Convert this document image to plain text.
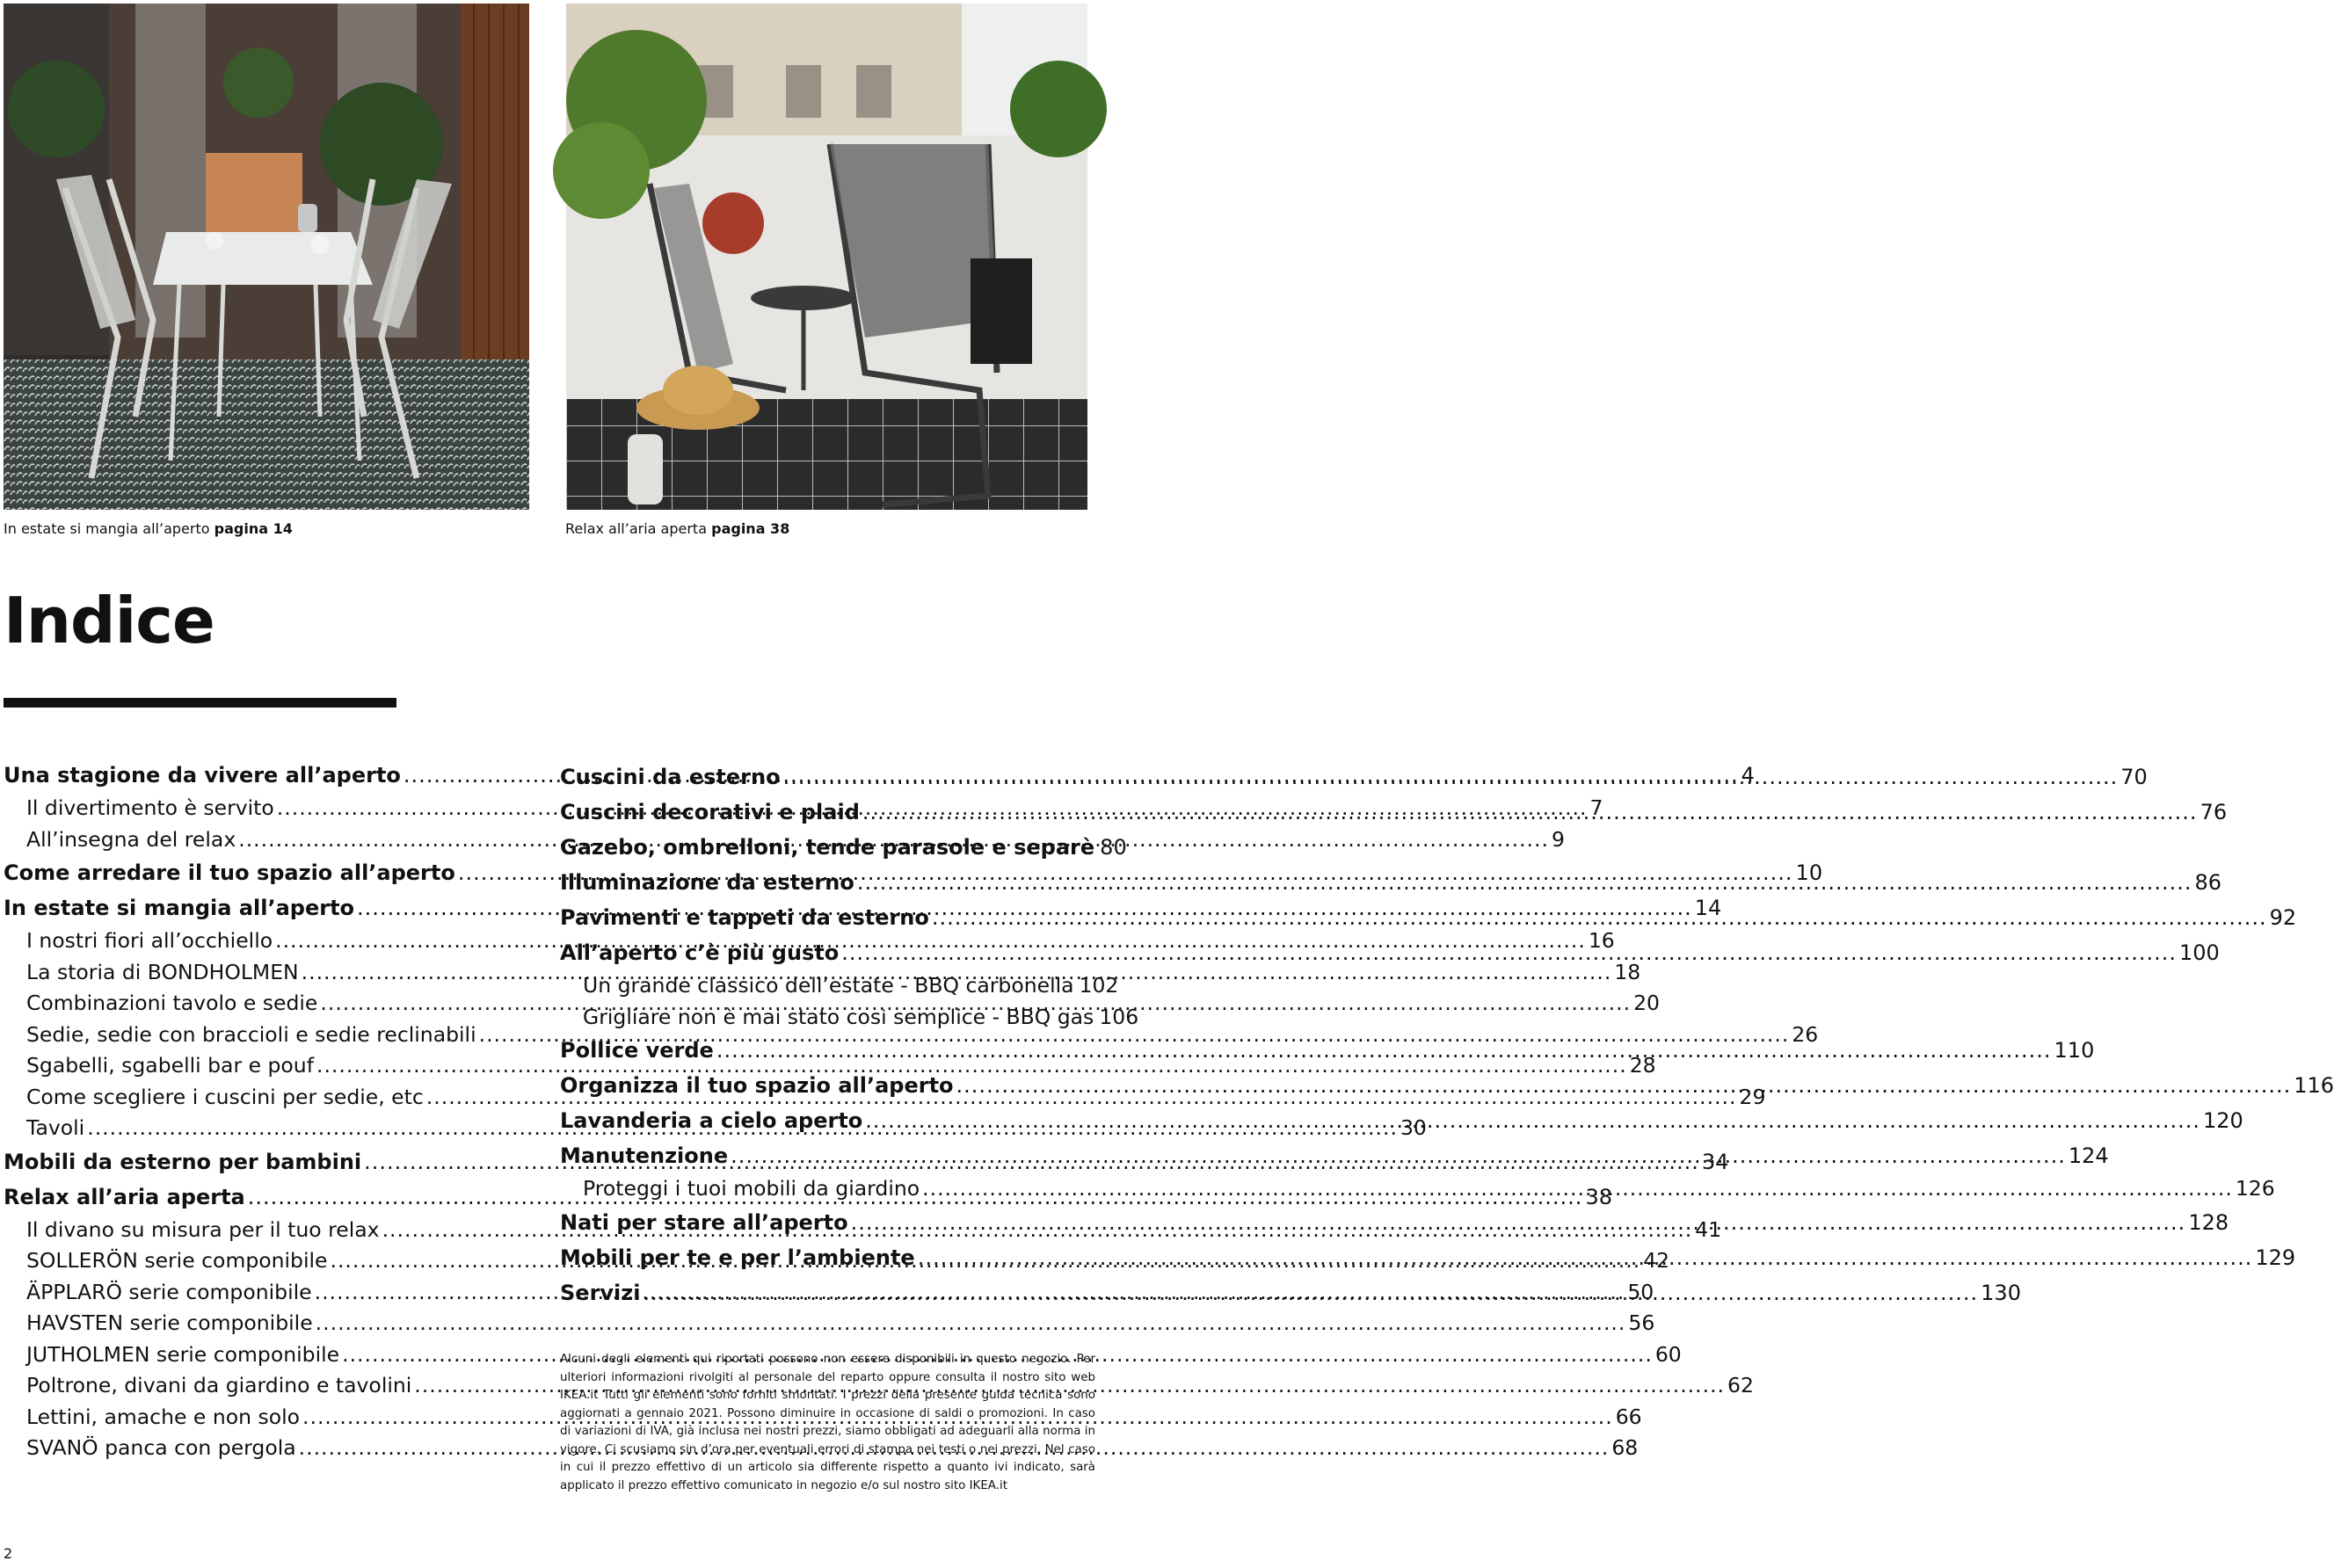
In estate si mangia all’aperto pagina 14	Relax all’aria aperta pagina 38
Indice
Una stagione da vivere all’aperto .....	4
Il divertimento è servito .....	7
All’insegna del relax .....	9
Come arredare il tuo spazio all’aperto .....	10
In estate si mangia all’aperto .....	14
I nostri fiori all’occhiello .....	16
La storia di BONDHOLMEN .....	18
Combinazioni tavolo e sedie .....	20
Sedie, sedie con braccioli e sedie reclinabili .....	26
Sgabelli, sgabelli bar e pouf .....	28
Come scegliere i cuscini per sedie, etc .....	29
Tavoli .....	30
Mobili da esterno per bambini .....	34
Relax all’aria aperta .....	38
Il divano su misura per il tuo relax .....	41
SOLLERÖN serie componibile .....	42
ÄPPLARÖ serie componibile .....	50
HAVSTEN serie componibile .....	56
JUTHOLMEN serie componibile .....	60
Poltrone, divani da giardino e tavolini .....	62
Lettini, amache e non solo .....	66
SVANÖ panca con pergola .....	68
Cuscini da esterno .....	70
Cuscini decorativi e plaid .....	76
Gazebo, ombrelloni, tende parasole e separè 80
Illuminazione da esterno .....	86
Pavimenti e tappeti da esterno .....	92
All’aperto c’è più gusto .....	100
Un grande classico dell’estate - BBQ carbonella 102
Grigliare non è mai stato così semplice - BBQ gas 106
Pollice verde .....	110
Organizza il tuo spazio all’aperto .....	116
Lavanderia a cielo aperto .....	120
Manutenzione .....	124
Proteggi i tuoi mobili da giardino .....	126
Nati per stare all’aperto .....	128
Mobili per te e per l’ambiente .....	129
Servizi .....	130

Alcuni degli elementi qui riportati possono non essere disponibili in questo negozio. Per ulteriori informazioni rivolgiti al personale del reparto oppure consulta il nostro sito web IKEA.it Tutti gli elementi sono forniti smontati. I prezzi della presente guida tecnica sono aggiornati a gennaio 2021. Possono diminuire in occasione di saldi o promozioni. In caso di variazioni di IVA, già inclusa nei nostri prezzi, siamo obbligati ad adeguarli alla norma in vigore. Ci scusiamo sin d’ora per eventuali errori di stampa nei testi o nei prezzi. Nel caso in cui il prezzo effettivo di un articolo sia differente rispetto a quanto ivi indicato, sarà applicato il prezzo effettivo comunicato in negozio e/o sul nostro sito IKEA.it

2
